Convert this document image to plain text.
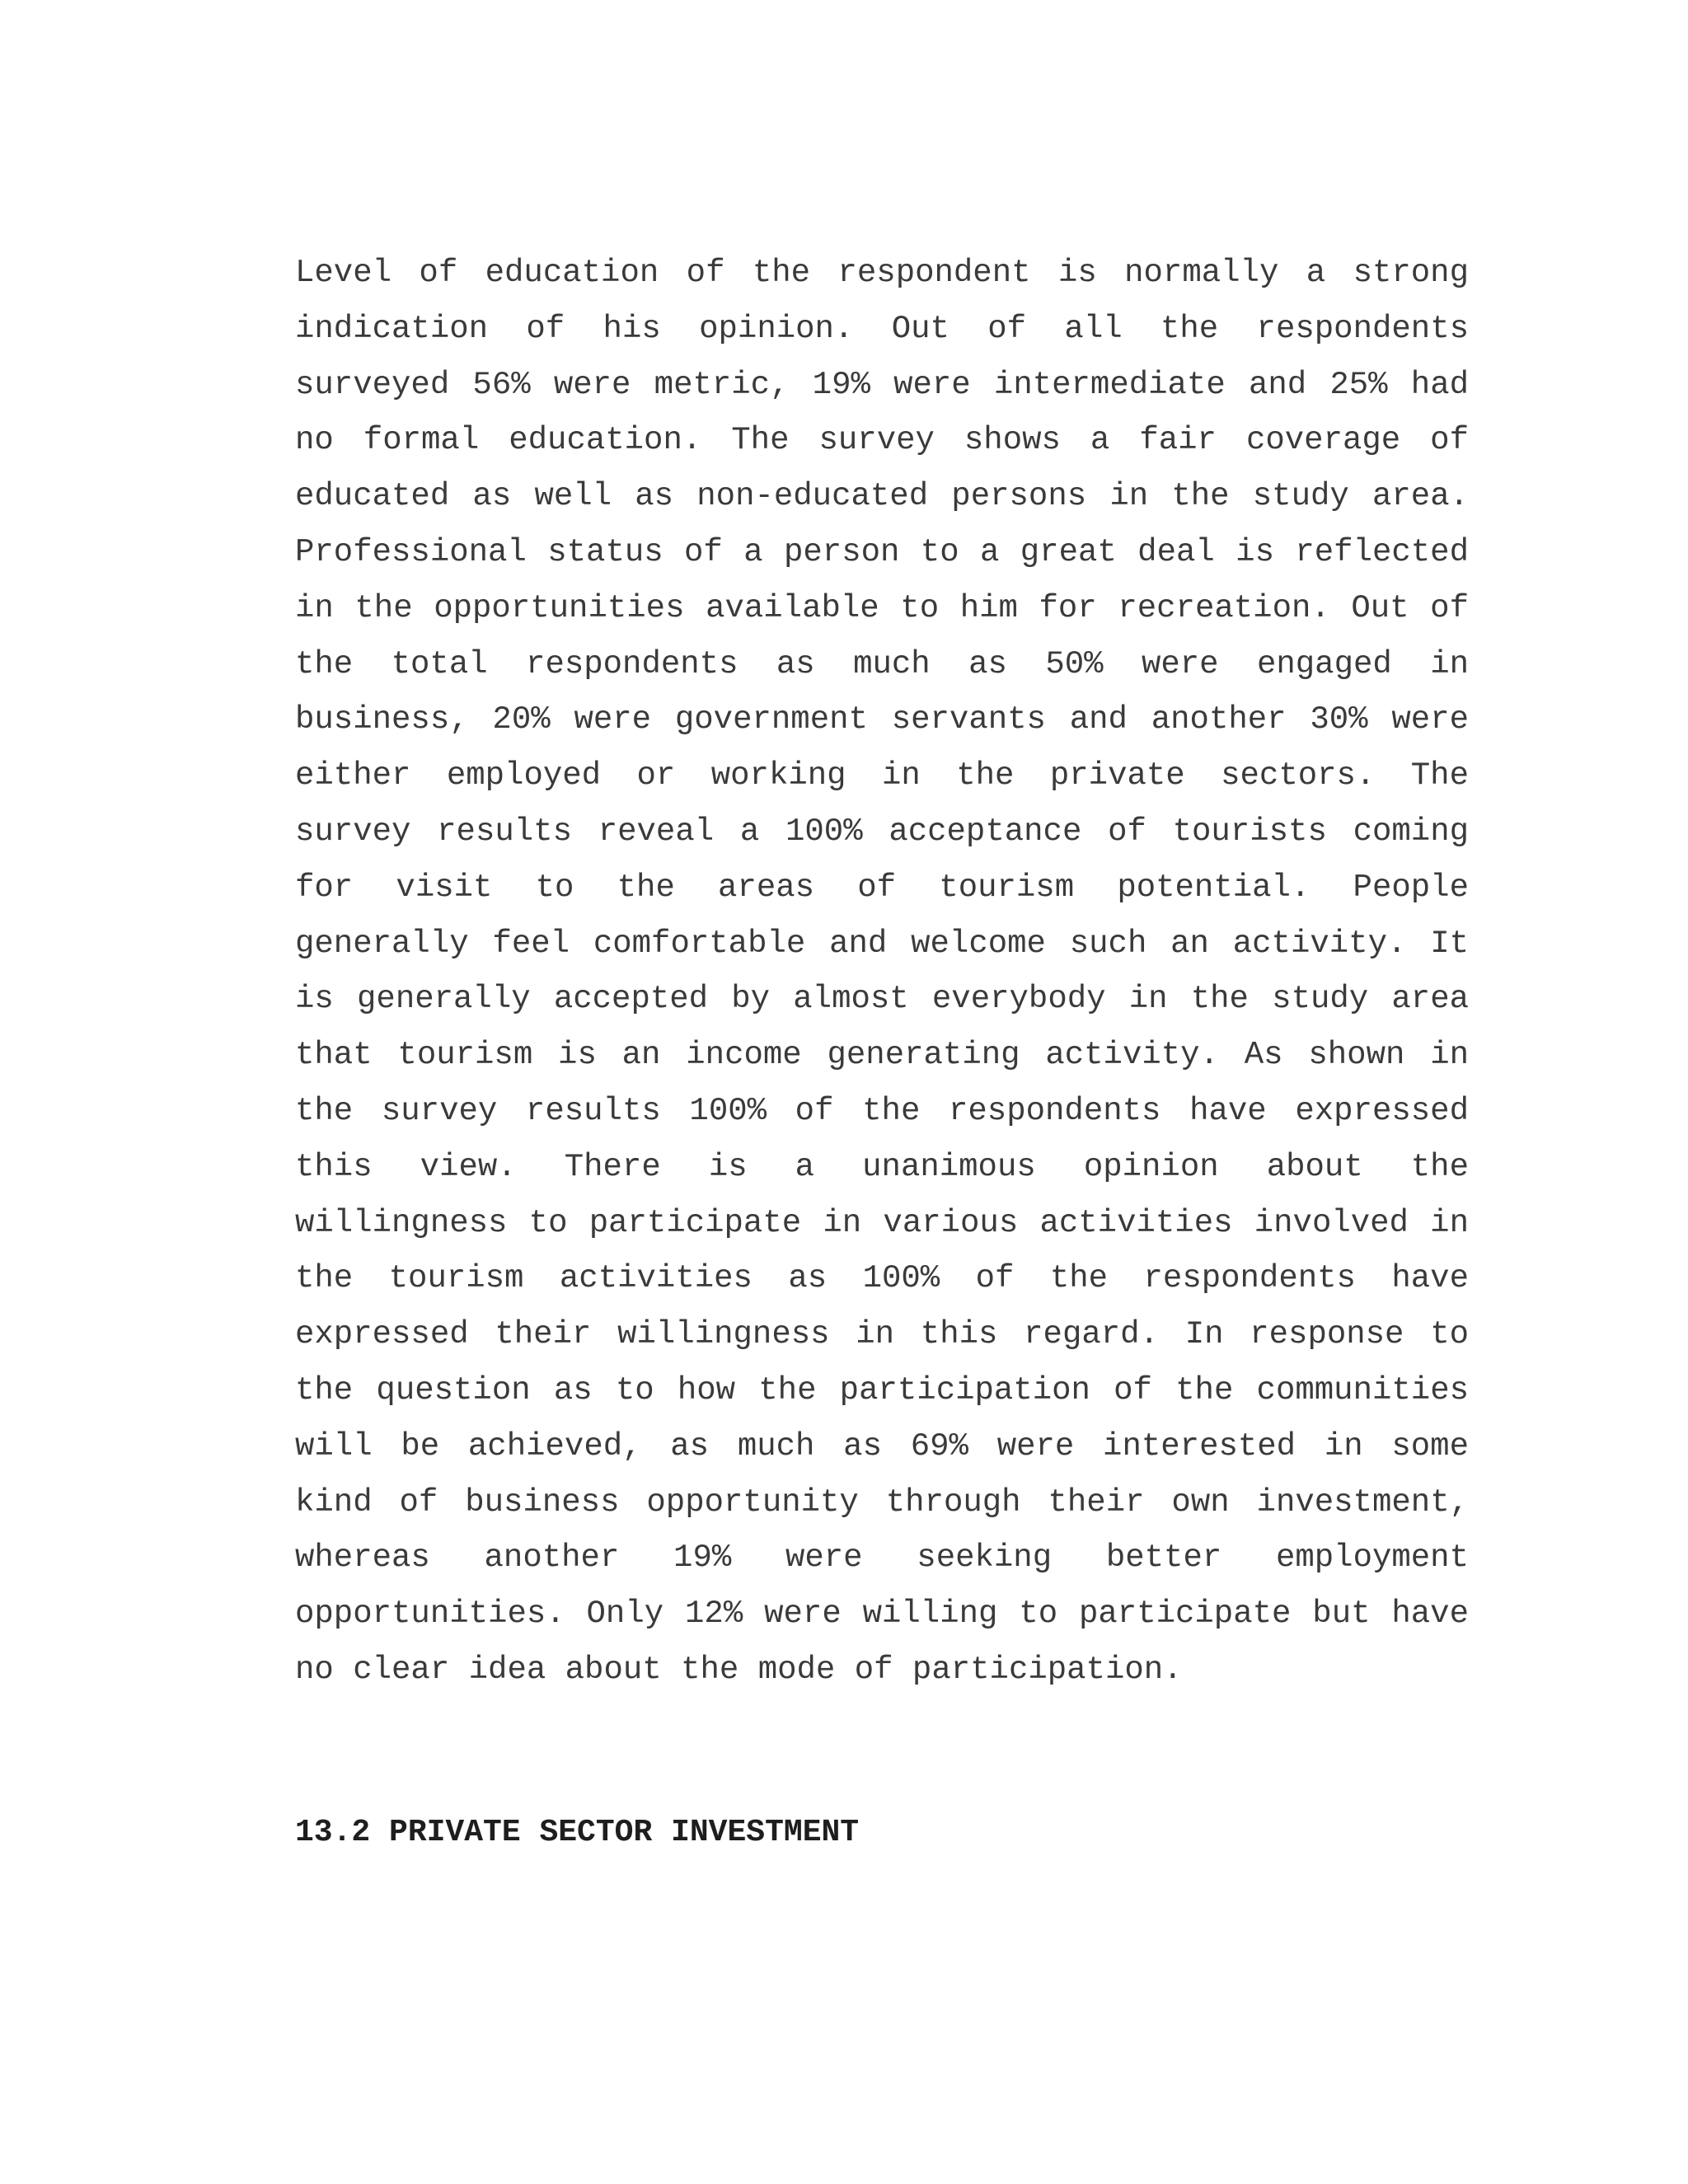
Level of education of the respondent is normally a strong indication of his opinion. Out of all the respondents surveyed 56% were metric, 19% were intermediate and 25% had no formal education. The survey shows a fair coverage of educated as well as non-educated persons in the study area. Professional status of a person to a great deal is reflected in the opportunities available to him for recreation. Out of the total respondents as much as 50% were engaged in business, 20% were government servants and another 30% were either employed or working in the private sectors. The survey results reveal a 100% acceptance of tourists coming for visit to the areas of tourism potential. People generally feel comfortable and welcome such an activity. It is generally accepted by almost everybody in the study area that tourism is an income generating activity. As shown in the survey results 100% of the respondents have expressed this view. There is a unanimous opinion about the willingness to participate in various activities involved in the tourism activities as 100% of the respondents have expressed their willingness in this regard. In response to the question as to how the participation of the communities will be achieved, as much as 69% were interested in some kind of business opportunity through their own investment, whereas another 19% were seeking better employment opportunities. Only 12% were willing to participate but have no clear idea about the mode of participation.

13.2 PRIVATE SECTOR INVESTMENT
